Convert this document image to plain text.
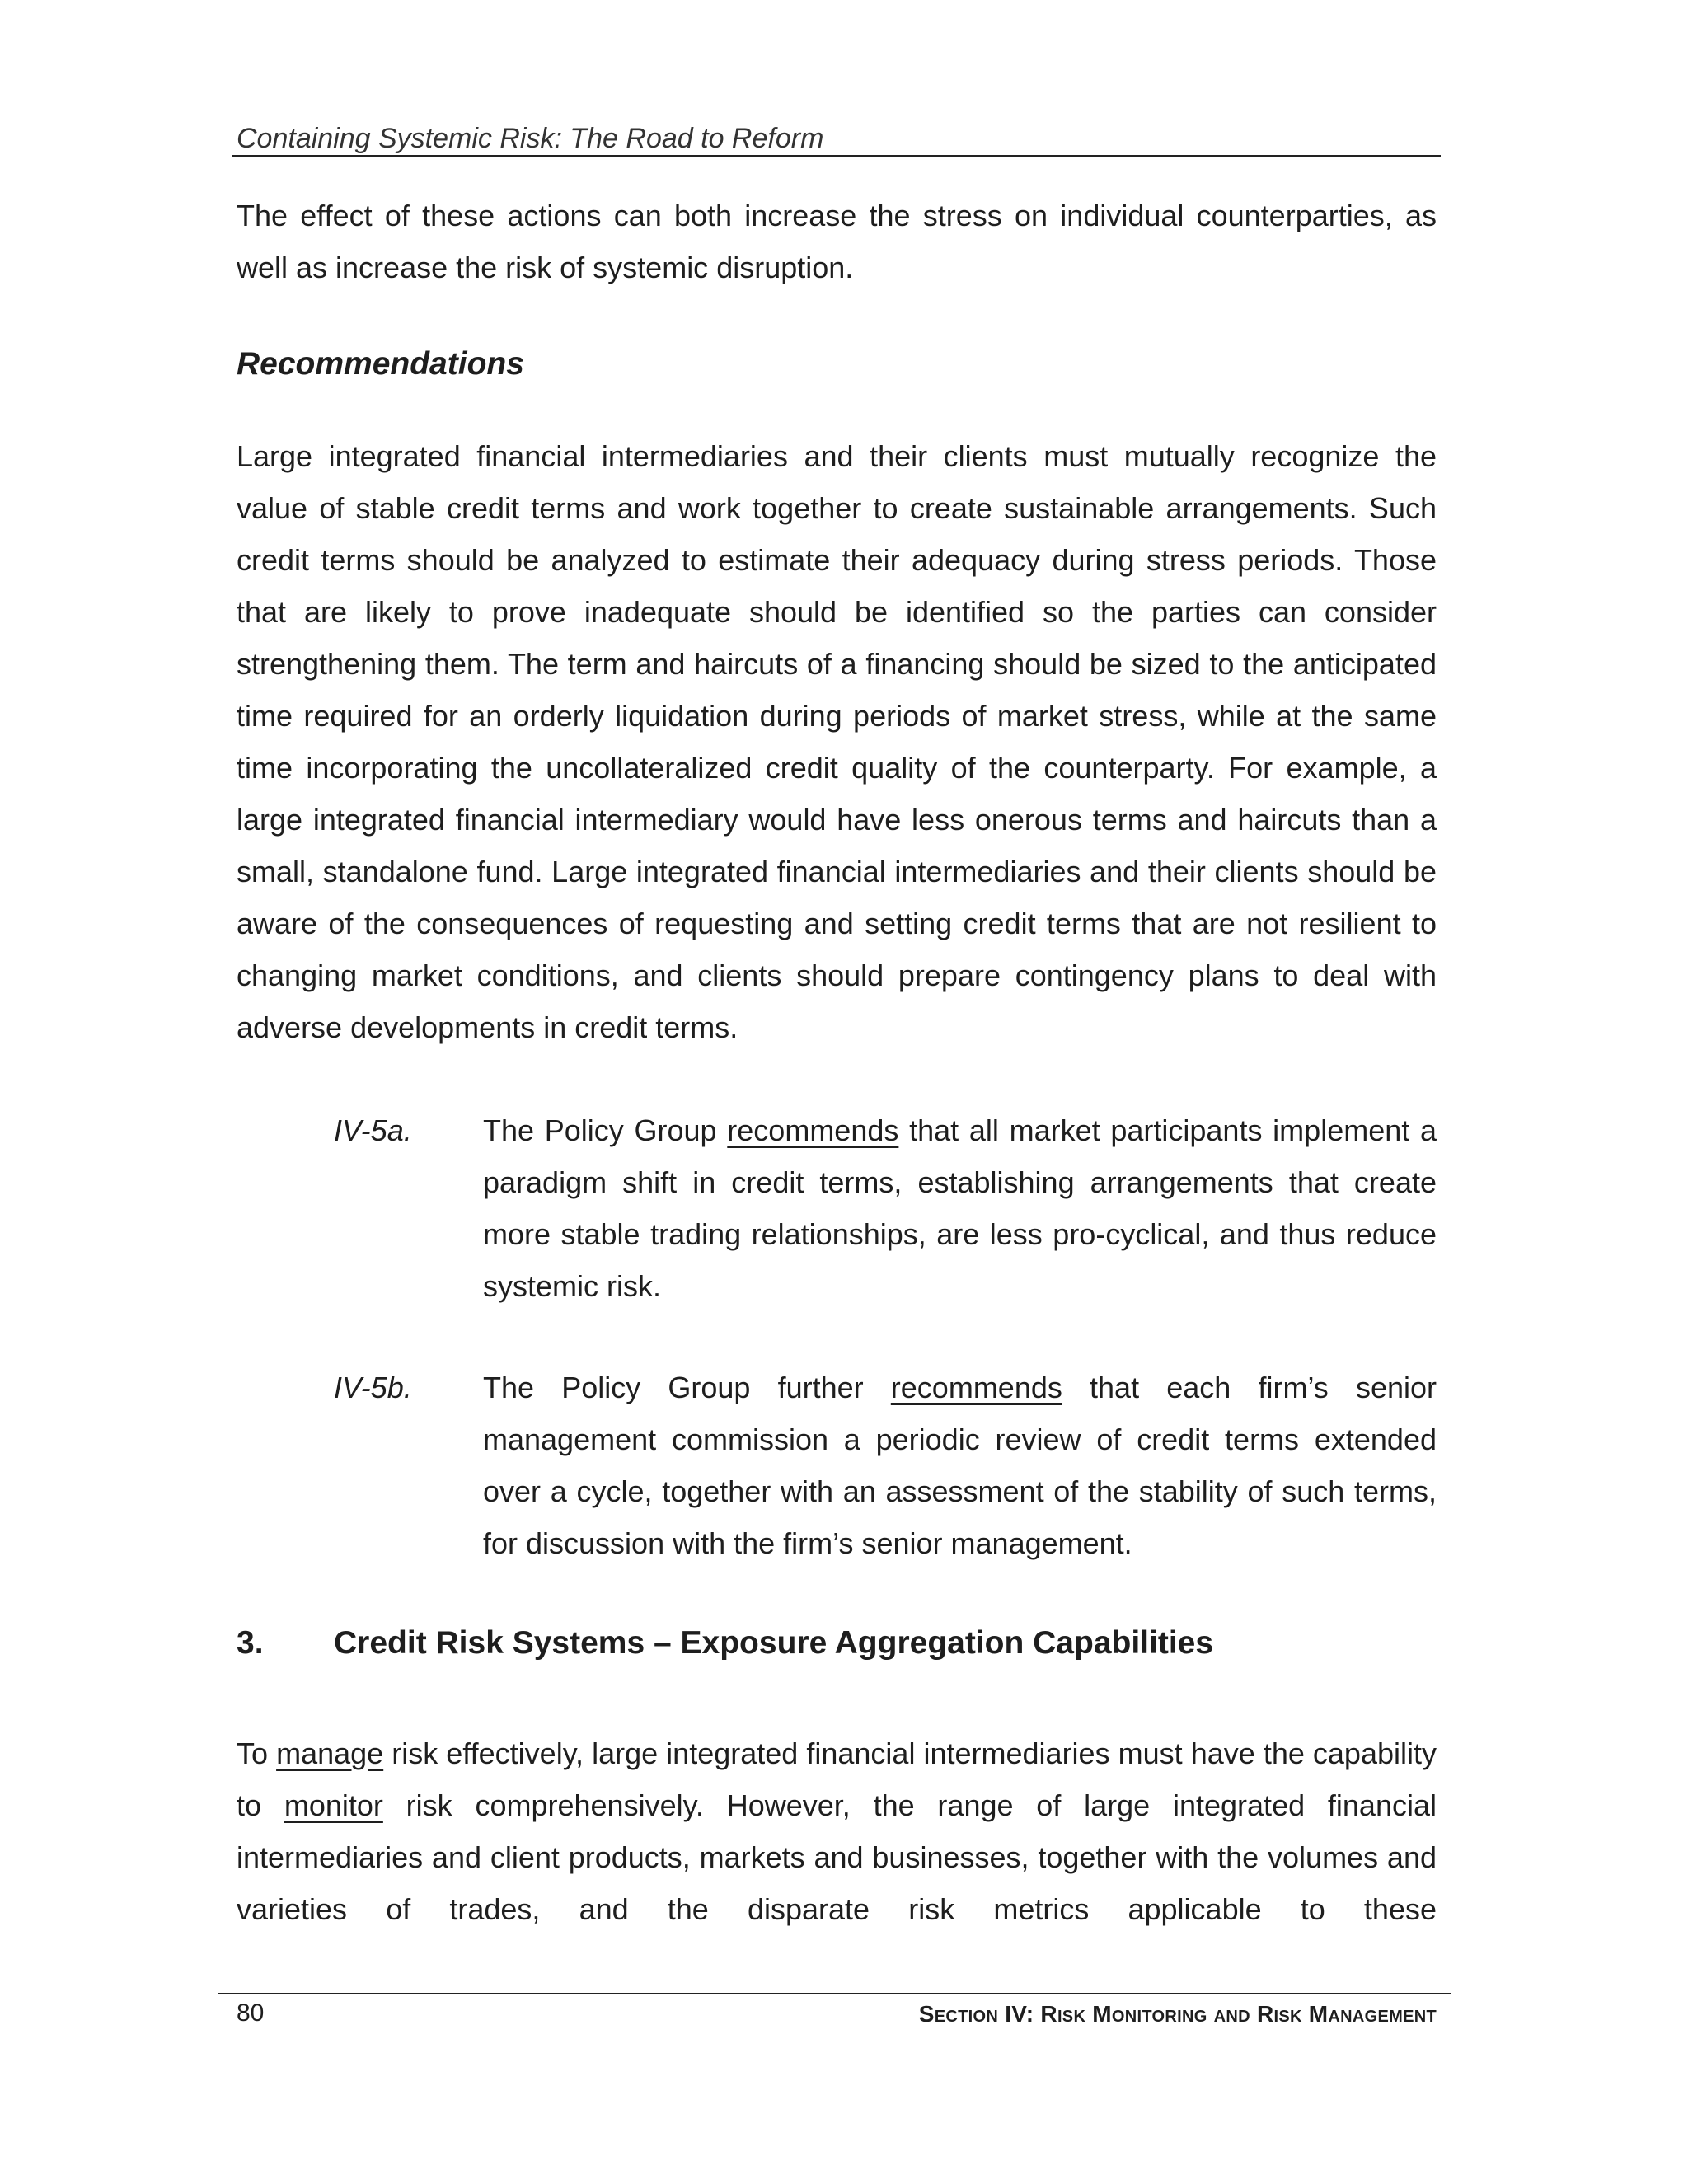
Containing Systemic Risk: The Road to Reform
The effect of these actions can both increase the stress on individual counterparties, as well as increase the risk of systemic disruption.
Recommendations
Large integrated financial intermediaries and their clients must mutually recognize the value of stable credit terms and work together to create sustainable arrangements. Such credit terms should be analyzed to estimate their adequacy during stress periods. Those that are likely to prove inadequate should be identified so the parties can consider strengthening them. The term and haircuts of a financing should be sized to the anticipated time required for an orderly liquidation during periods of market stress, while at the same time incorporating the uncollateralized credit quality of the counterparty. For example, a large integrated financial intermediary would have less onerous terms and haircuts than a small, standalone fund. Large integrated financial intermediaries and their clients should be aware of the consequences of requesting and setting credit terms that are not resilient to changing market conditions, and clients should prepare contingency plans to deal with adverse developments in credit terms.
IV-5a. The Policy Group recommends that all market participants implement a paradigm shift in credit terms, establishing arrangements that create more stable trading relationships, are less pro-cyclical, and thus reduce systemic risk.
IV-5b. The Policy Group further recommends that each firm’s senior management commission a periodic review of credit terms extended over a cycle, together with an assessment of the stability of such terms, for discussion with the firm’s senior management.
3. Credit Risk Systems – Exposure Aggregation Capabilities
To manage risk effectively, large integrated financial intermediaries must have the capability to monitor risk comprehensively. However, the range of large integrated financial intermediaries and client products, markets and businesses, together with the volumes and varieties of trades, and the disparate risk metrics applicable to these
80	Section IV: Risk Monitoring and Risk Management
